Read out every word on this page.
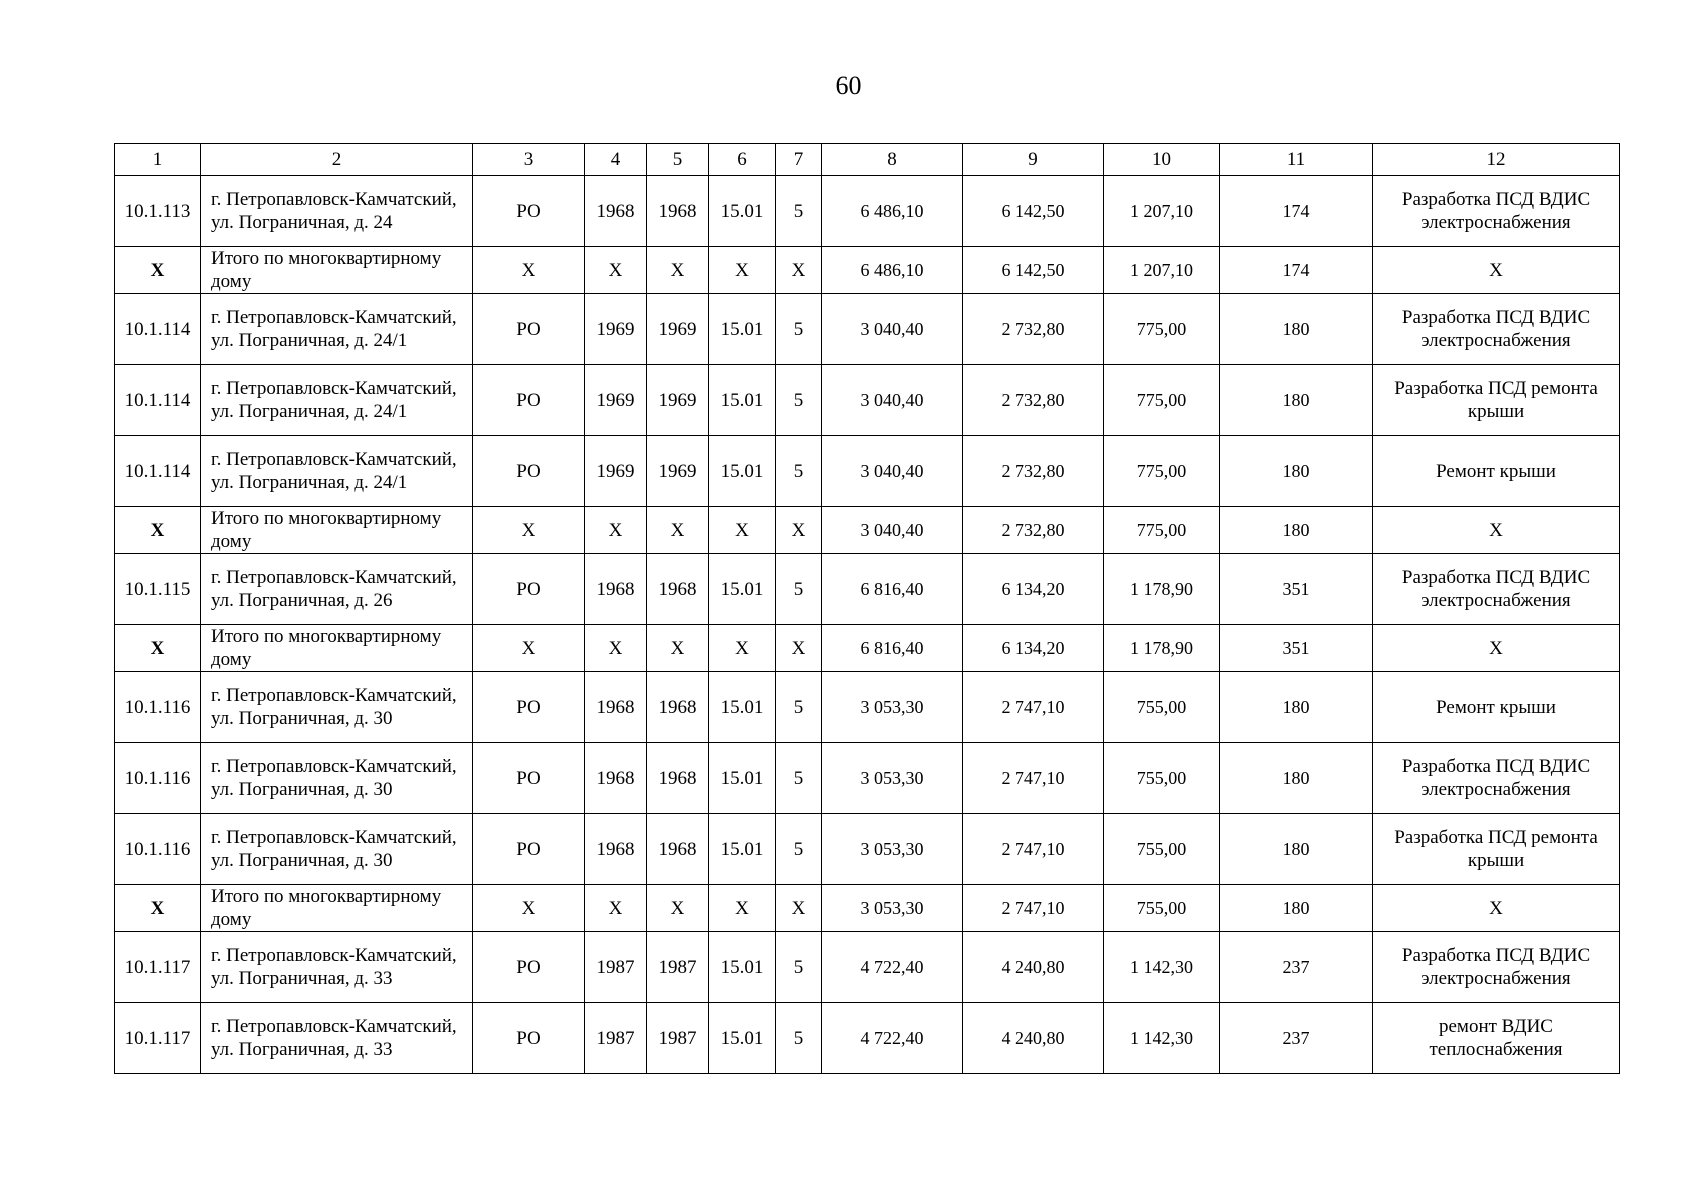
60
1	2	3	4	5	6	7	8	9	10	11	12
10.1.113	г. Петропавловск-Камчатский, ул. Пограничная, д. 24	РО	1968	1968	15.01	5	6 486,10	6 142,50	1 207,10	174	Разработка ПСД ВДИС электроснабжения
X	Итого по многоквартирному дому	X	X	X	X	X	6 486,10	6 142,50	1 207,10	174	X
10.1.114	г. Петропавловск-Камчатский, ул. Пограничная, д. 24/1	РО	1969	1969	15.01	5	3 040,40	2 732,80	775,00	180	Разработка ПСД ВДИС электроснабжения
10.1.114	г. Петропавловск-Камчатский, ул. Пограничная, д. 24/1	РО	1969	1969	15.01	5	3 040,40	2 732,80	775,00	180	Разработка ПСД ремонта крыши
10.1.114	г. Петропавловск-Камчатский, ул. Пограничная, д. 24/1	РО	1969	1969	15.01	5	3 040,40	2 732,80	775,00	180	Ремонт крыши
X	Итого по многоквартирному дому	X	X	X	X	X	3 040,40	2 732,80	775,00	180	X
10.1.115	г. Петропавловск-Камчатский, ул. Пограничная, д. 26	РО	1968	1968	15.01	5	6 816,40	6 134,20	1 178,90	351	Разработка ПСД ВДИС электроснабжения
X	Итого по многоквартирному дому	X	X	X	X	X	6 816,40	6 134,20	1 178,90	351	X
10.1.116	г. Петропавловск-Камчатский, ул. Пограничная, д. 30	РО	1968	1968	15.01	5	3 053,30	2 747,10	755,00	180	Ремонт крыши
10.1.116	г. Петропавловск-Камчатский, ул. Пограничная, д. 30	РО	1968	1968	15.01	5	3 053,30	2 747,10	755,00	180	Разработка ПСД ВДИС электроснабжения
10.1.116	г. Петропавловск-Камчатский, ул. Пограничная, д. 30	РО	1968	1968	15.01	5	3 053,30	2 747,10	755,00	180	Разработка ПСД ремонта крыши
X	Итого по многоквартирному дому	X	X	X	X	X	3 053,30	2 747,10	755,00	180	X
10.1.117	г. Петропавловск-Камчатский, ул. Пограничная, д. 33	РО	1987	1987	15.01	5	4 722,40	4 240,80	1 142,30	237	Разработка ПСД ВДИС электроснабжения
10.1.117	г. Петропавловск-Камчатский, ул. Пограничная, д. 33	РО	1987	1987	15.01	5	4 722,40	4 240,80	1 142,30	237	ремонт ВДИС теплоснабжения
